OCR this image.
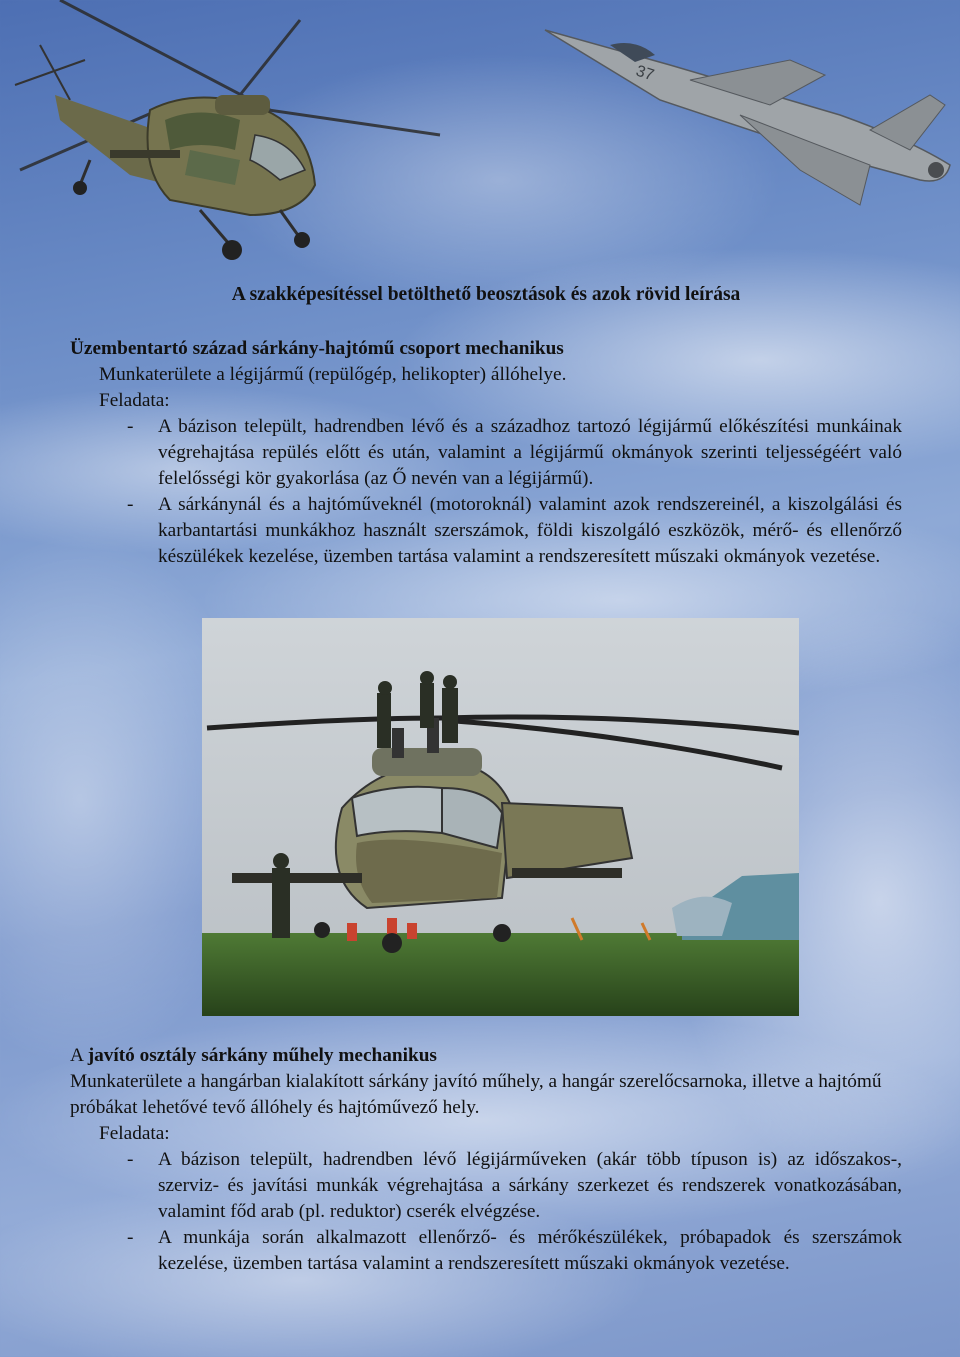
37
A szakképesítéssel betölthető beosztások és azok rövid leírása
Üzembentartó század sárkány-hajtómű csoport mechanikus
Munkaterülete a légijármű (repülőgép, helikopter) állóhelye.
Feladata:
- A bázison települt, hadrendben lévő és a századhoz tartozó légijármű előkészítési munkáinak végrehajtása repülés előtt és után, valamint a légijármű okmányok szerinti teljességéért való felelősségi kör gyakorlása (az Ő nevén van a légijármű).
- A sárkánynál és a hajtóműveknél (motoroknál) valamint azok rendszereinél, a kiszolgálási és karbantartási munkákhoz használt szerszámok, földi kiszolgáló eszközök, mérő- és ellenőrző készülékek kezelése, üzemben tartása valamint a rendszeresített műszaki okmányok vezetése.
A javító osztály sárkány műhely mechanikus
Munkaterülete a hangárban kialakított sárkány javító műhely, a hangár szerelőcsarnoka, illetve a hajtómű próbákat lehetővé tevő állóhely és hajtóművező hely.
Feladata:
- A bázison települt, hadrendben lévő légijárműveken (akár több típuson is) az időszakos-, szerviz- és javítási munkák végrehajtása a sárkány szerkezet és rendszerek vonatkozásában, valamint főd arab (pl. reduktor) cserék elvégzése.
- A munkája során alkalmazott ellenőrző- és mérőkészülékek, próbapadok és szerszámok kezelése, üzemben tartása valamint a rendszeresített műszaki okmányok vezetése.
